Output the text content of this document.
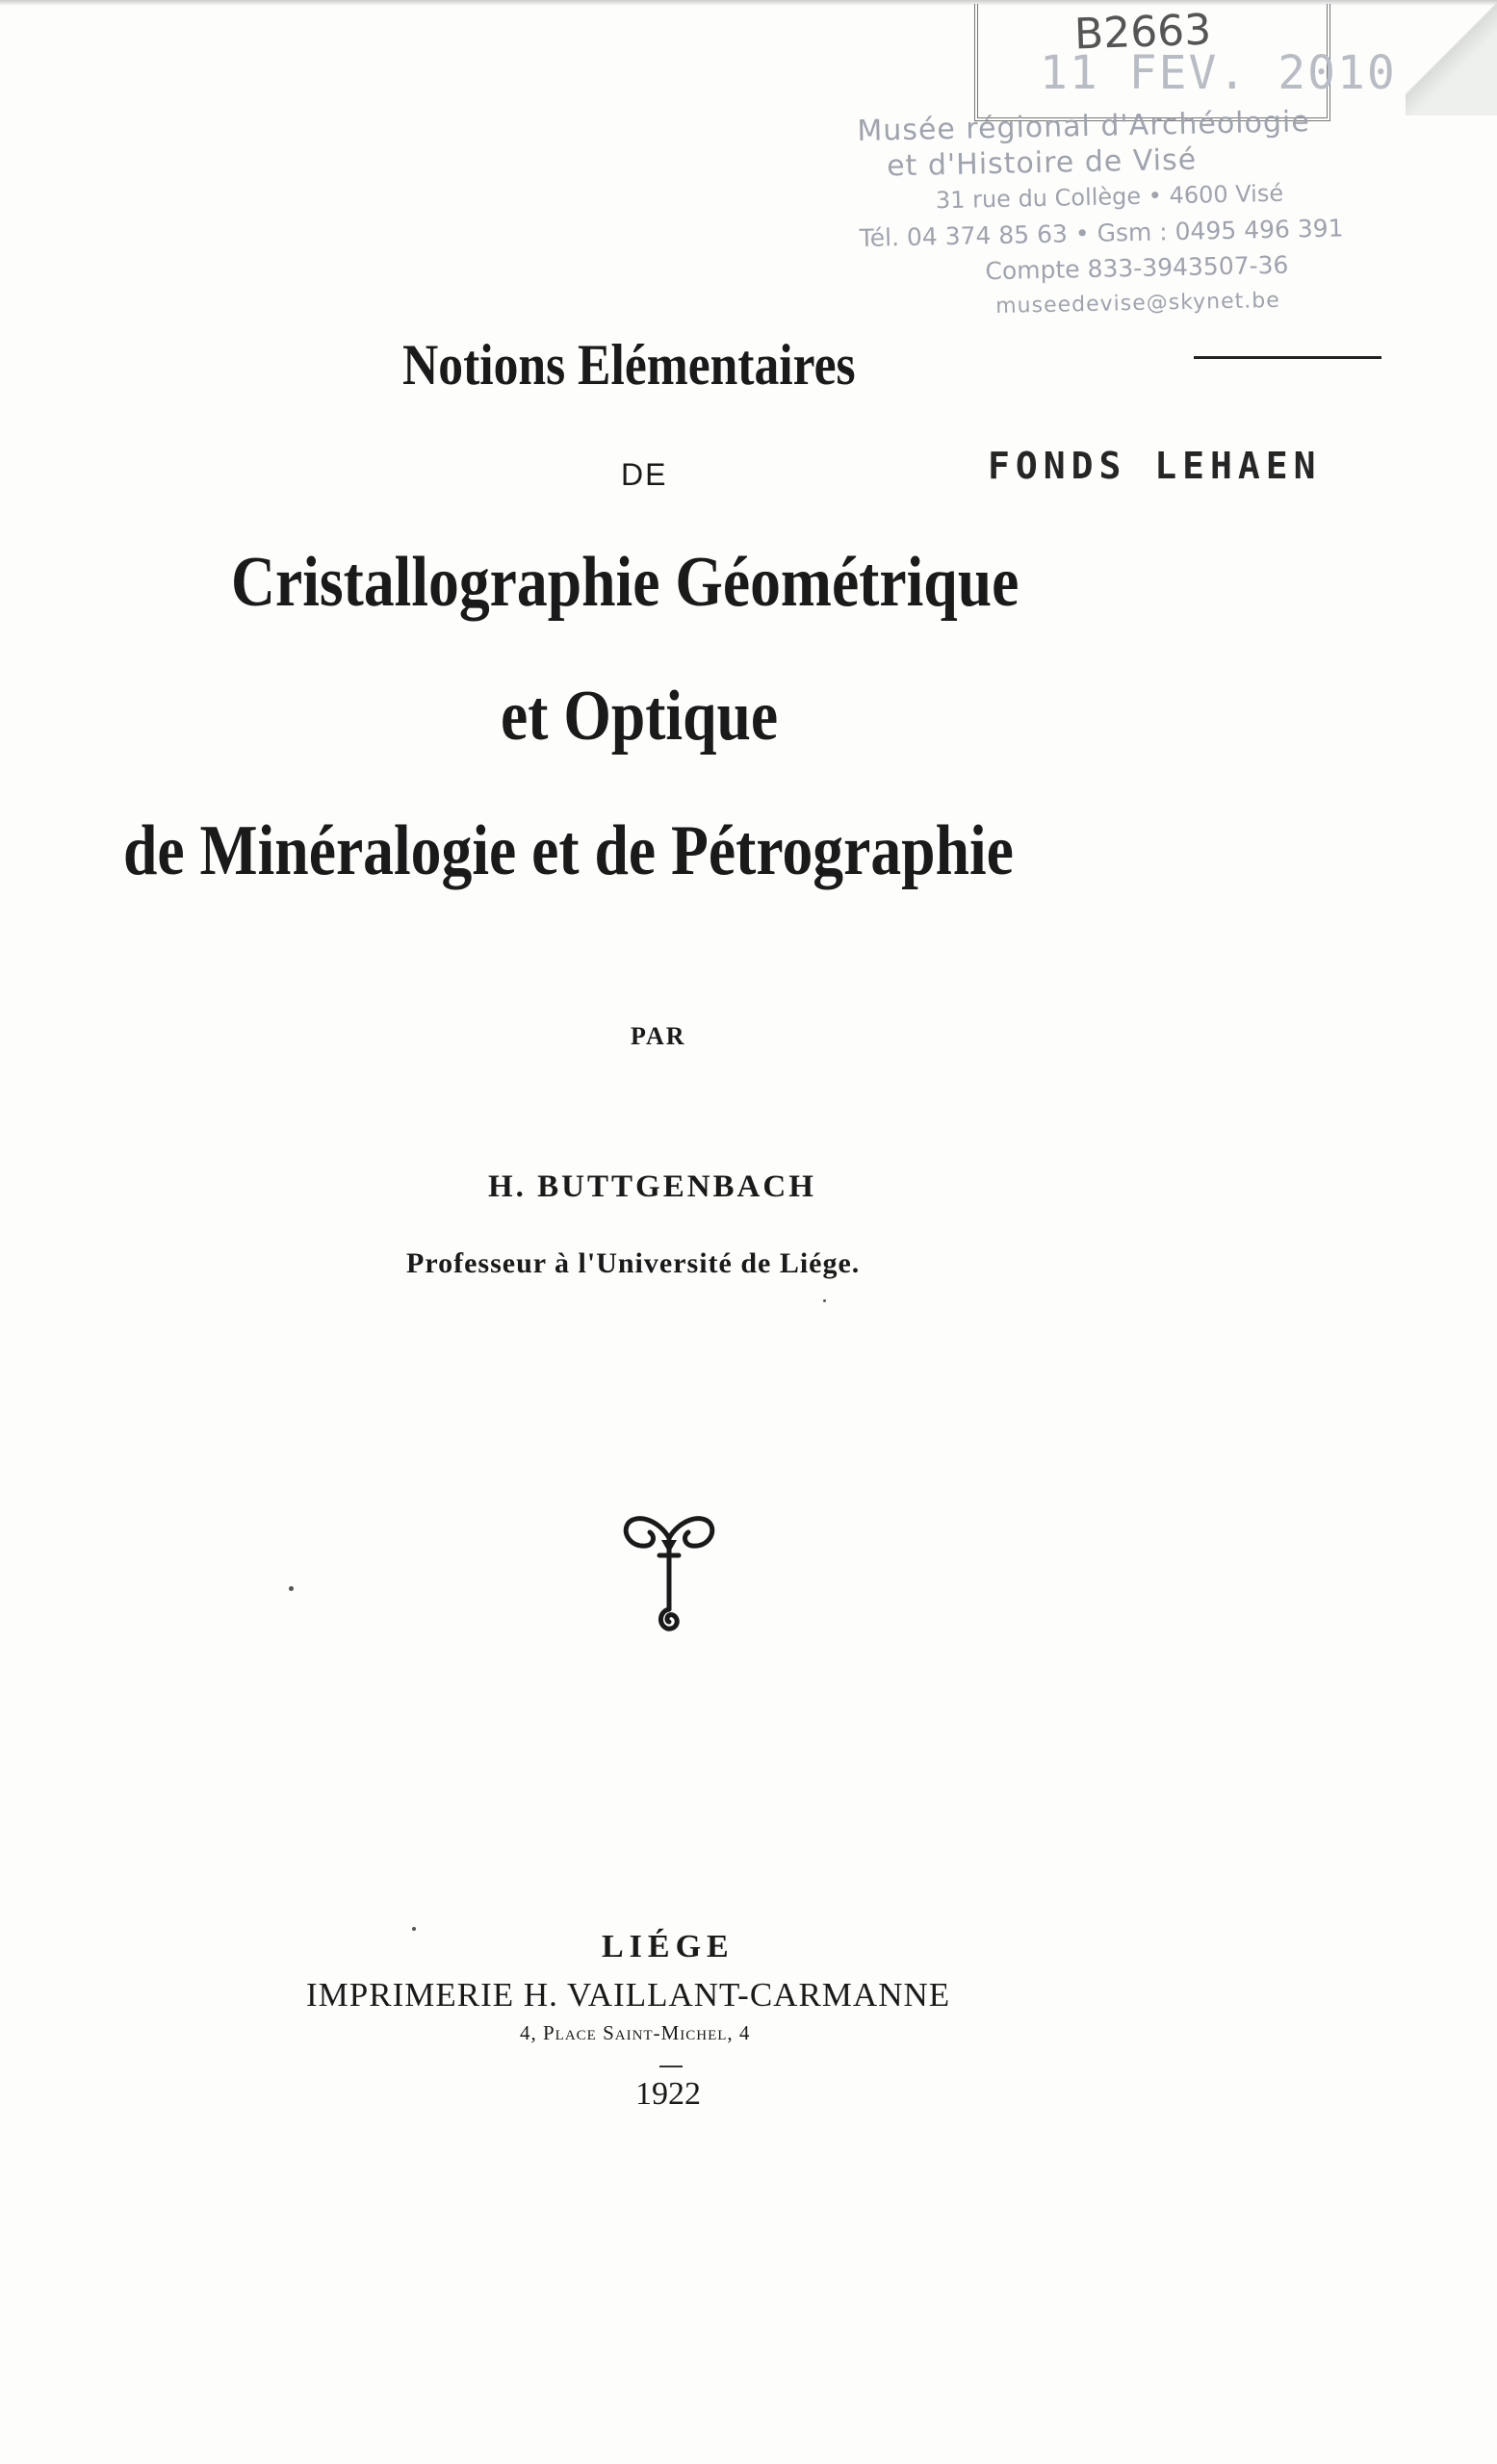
B2663
11 FEV. 2010
Musée régional d'Archéologie
et d'Histoire de Visé
31 rue du Collège • 4600 Visé
Tél. 04 374 85 63 • Gsm : 0495 496 391
Compte 833-3943507-36
museedevise@skynet.be
FONDS LEHAEN
Notions Elémentaires
DE
Cristallographie Géométrique
et Optique
de Minéralogie et de Pétrographie
PAR
H. BUTTGENBACH
Professeur à l'Université de Liége.
LIÉGE
IMPRIMERIE H. VAILLANT-CARMANNE
4, Place Saint-Michel, 4
1922
